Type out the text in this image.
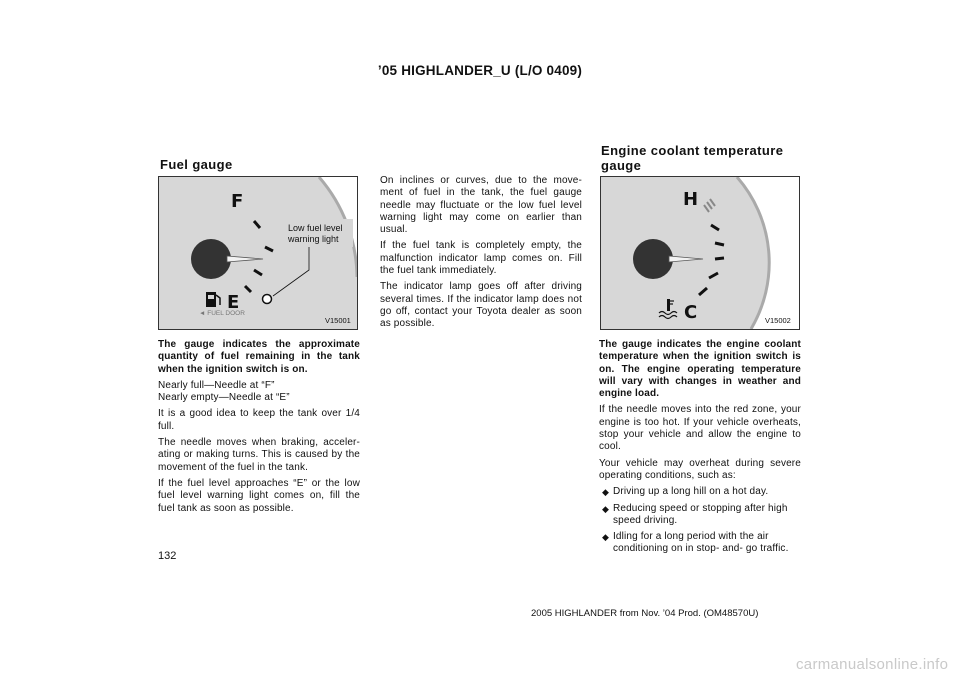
’05 HIGHLANDER_U (L/O 0409)
Fuel gauge
F
E
Low fuel level
warning light
◄ FUEL DOOR
V15001

The gauge indicates the approximate quantity of fuel remaining in the tank when the ignition switch is on.

Nearly full—Needle at “F”

Nearly empty—Needle at “E”

It is a good idea to keep the tank over 1/4 full.

The needle moves when braking, acceler- ating or making turns. This is caused by the movement of the fuel in the tank.

If the fuel level approaches “E” or the low fuel level warning light comes on, fill the fuel tank as soon as possible.

On inclines or curves, due to the move- ment of fuel in the tank, the fuel gauge needle may fluctuate or the low fuel level warning light may come on earlier than usual.

If the fuel tank is completely empty, the malfunction indicator lamp comes on. Fill the fuel tank immediately.

The indicator lamp goes off after driving several times. If the indicator lamp does not go off, contact your Toyota dealer as soon as possible.

Engine coolant temperature
gauge
H
C	V15002

The gauge indicates the engine coolant temperature when the ignition switch is on. The engine operating temperature will vary with changes in weather and engine load.

If the needle moves into the red zone, your engine is too hot. If your vehicle overheats, stop your vehicle and allow the engine to cool.

Your vehicle may overheat during severe operating conditions, such as:

◆ Driving up a long hill on a hot day.
◆ Reducing speed or stopping after high speed driving.
◆ Idling for a long period with the air conditioning on in stop- and- go traffic.
132
2005 HIGHLANDER from Nov. ’04 Prod. (OM48570U)
carmanualsonline.info
